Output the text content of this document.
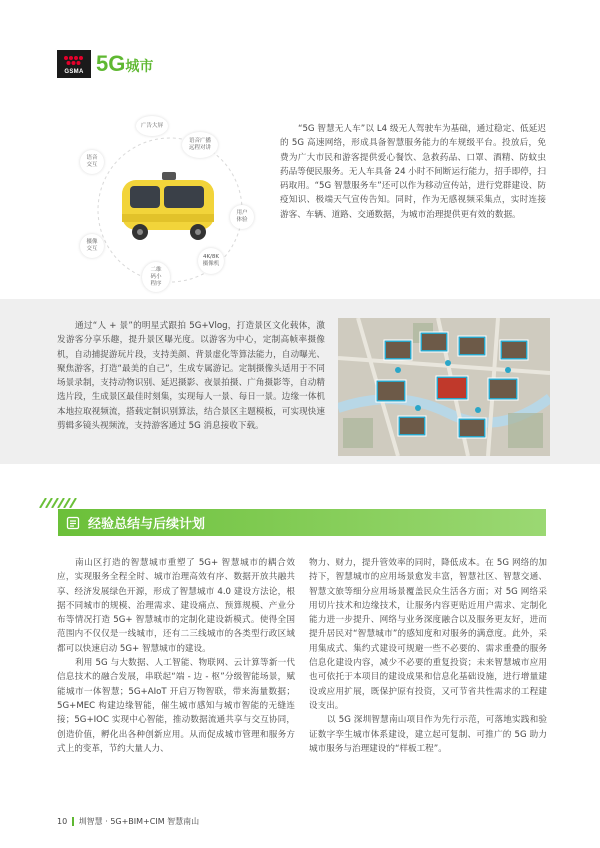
GSMA 5G城市
广告大屏
语音广播
远程对讲
用户
体验
4K/8K
摄像机
二维
码小
程序
摄像
交互
语音
交互
“5G 智慧无人车”以 L4 级无人驾驶车为基础，通过稳定、低延迟的 5G 高速网络，形成具备智慧服务能力的车规级平台。投放后，免费为广大市民和游客提供爱心餐饮、急救药品、口罩、酒精、防蚊虫药品等便民服务。无人车具备 24 小时不间断运行能力，招手即停，扫码取用。“5G 智慧服务车”还可以作为移动宣传站，进行党群建设、防疫知识、极端天气宣传告知。同时，作为无感视频采集点，实时连接游客、车辆、道路、交通数据，为城市治理提供更有效的数据。
通过“人 + 景”的明星式跟拍 5G+Vlog，打造景区文化载体，激发游客分享乐趣，提升景区曝光度。以游客为中心，定制高帧率摄像机，自动捕捉游玩片段，支持美颜、背景虚化等算法能力，自动曝光、聚焦游客，打造“最美的自己”，生成专属游记。定制摄像头适用于不同场景录制，支持动物识别、延迟摄影、夜景拍摄、广角摄影等，自动精选片段，生成景区最佳时刻集，实现每人一景、每日一景。边缘一体机本地拉取视频流，搭载定制识别算法，结合景区主题模板，可实现快速剪辑多镜头视频流，支持游客通过 5G 消息接收下载。
经验总结与后续计划

南山区打造的智慧城市重塑了 5G+ 智慧城市的耦合效应，实现服务全程全时、城市治理高效有序、数据开放共融共享、经济发展绿色开源，形成了智慧城市 4.0 建设方法论，根据不同城市的规模、治理需求、建设痛点、预算规模、产业分布等情况打造 5G+ 智慧城市的定制化建设新模式。使得全国范围内不仅仅是一线城市，还有二三线城市的各类型行政区域都可以快速启动 5G+ 智慧城市的建设。

利用 5G 与大数据、人工智能、物联网、云计算等新一代信息技术的融合发展，串联起“端 - 边 - 枢”分级智能场景，赋能城市一体智慧；5G+AIoT 开启万物智联，带来海量数据；5G+MEC 构建边缘智能，催生城市感知与城市智能的无缝连接；5G+IOC 实现中心智能，推动数据流通共享与交互协同，创造价值，孵化出各种创新应用。从而促成城市管理和服务方式上的变革，节约大量人力、

物力、财力，提升管效率的同时，降低成本。在 5G 网络的加持下，智慧城市的应用场景愈发丰富，智慧社区、智慧交通、智慧文旅等细分应用场景覆盖民众生活各方面；对 5G 网络采用切片技术和边缘技术，让服务内容更贴近用户需求、定制化能力进一步提升、网络与业务深度融合以及服务更友好，进而提升居民对“智慧城市”的感知度和对服务的满意度。此外，采用集成式、集约式建设可规避一些不必要的、需求重叠的服务信息化建设内容，减少不必要的重复投资；未来智慧城市应用也可依托于本项目的建设成果和信息化基础设施，进行增量建设或应用扩展，既保护原有投资，又可节省共性需求的工程建设支出。

以 5G 深圳智慧南山项目作为先行示范，可落地实践和验证数字孪生城市体系建设，建立起可复制、可推广的 5G 助力城市服务与治理建设的“样板工程”。

10 圳智慧 · 5G+BIM+CIM 智慧南山
